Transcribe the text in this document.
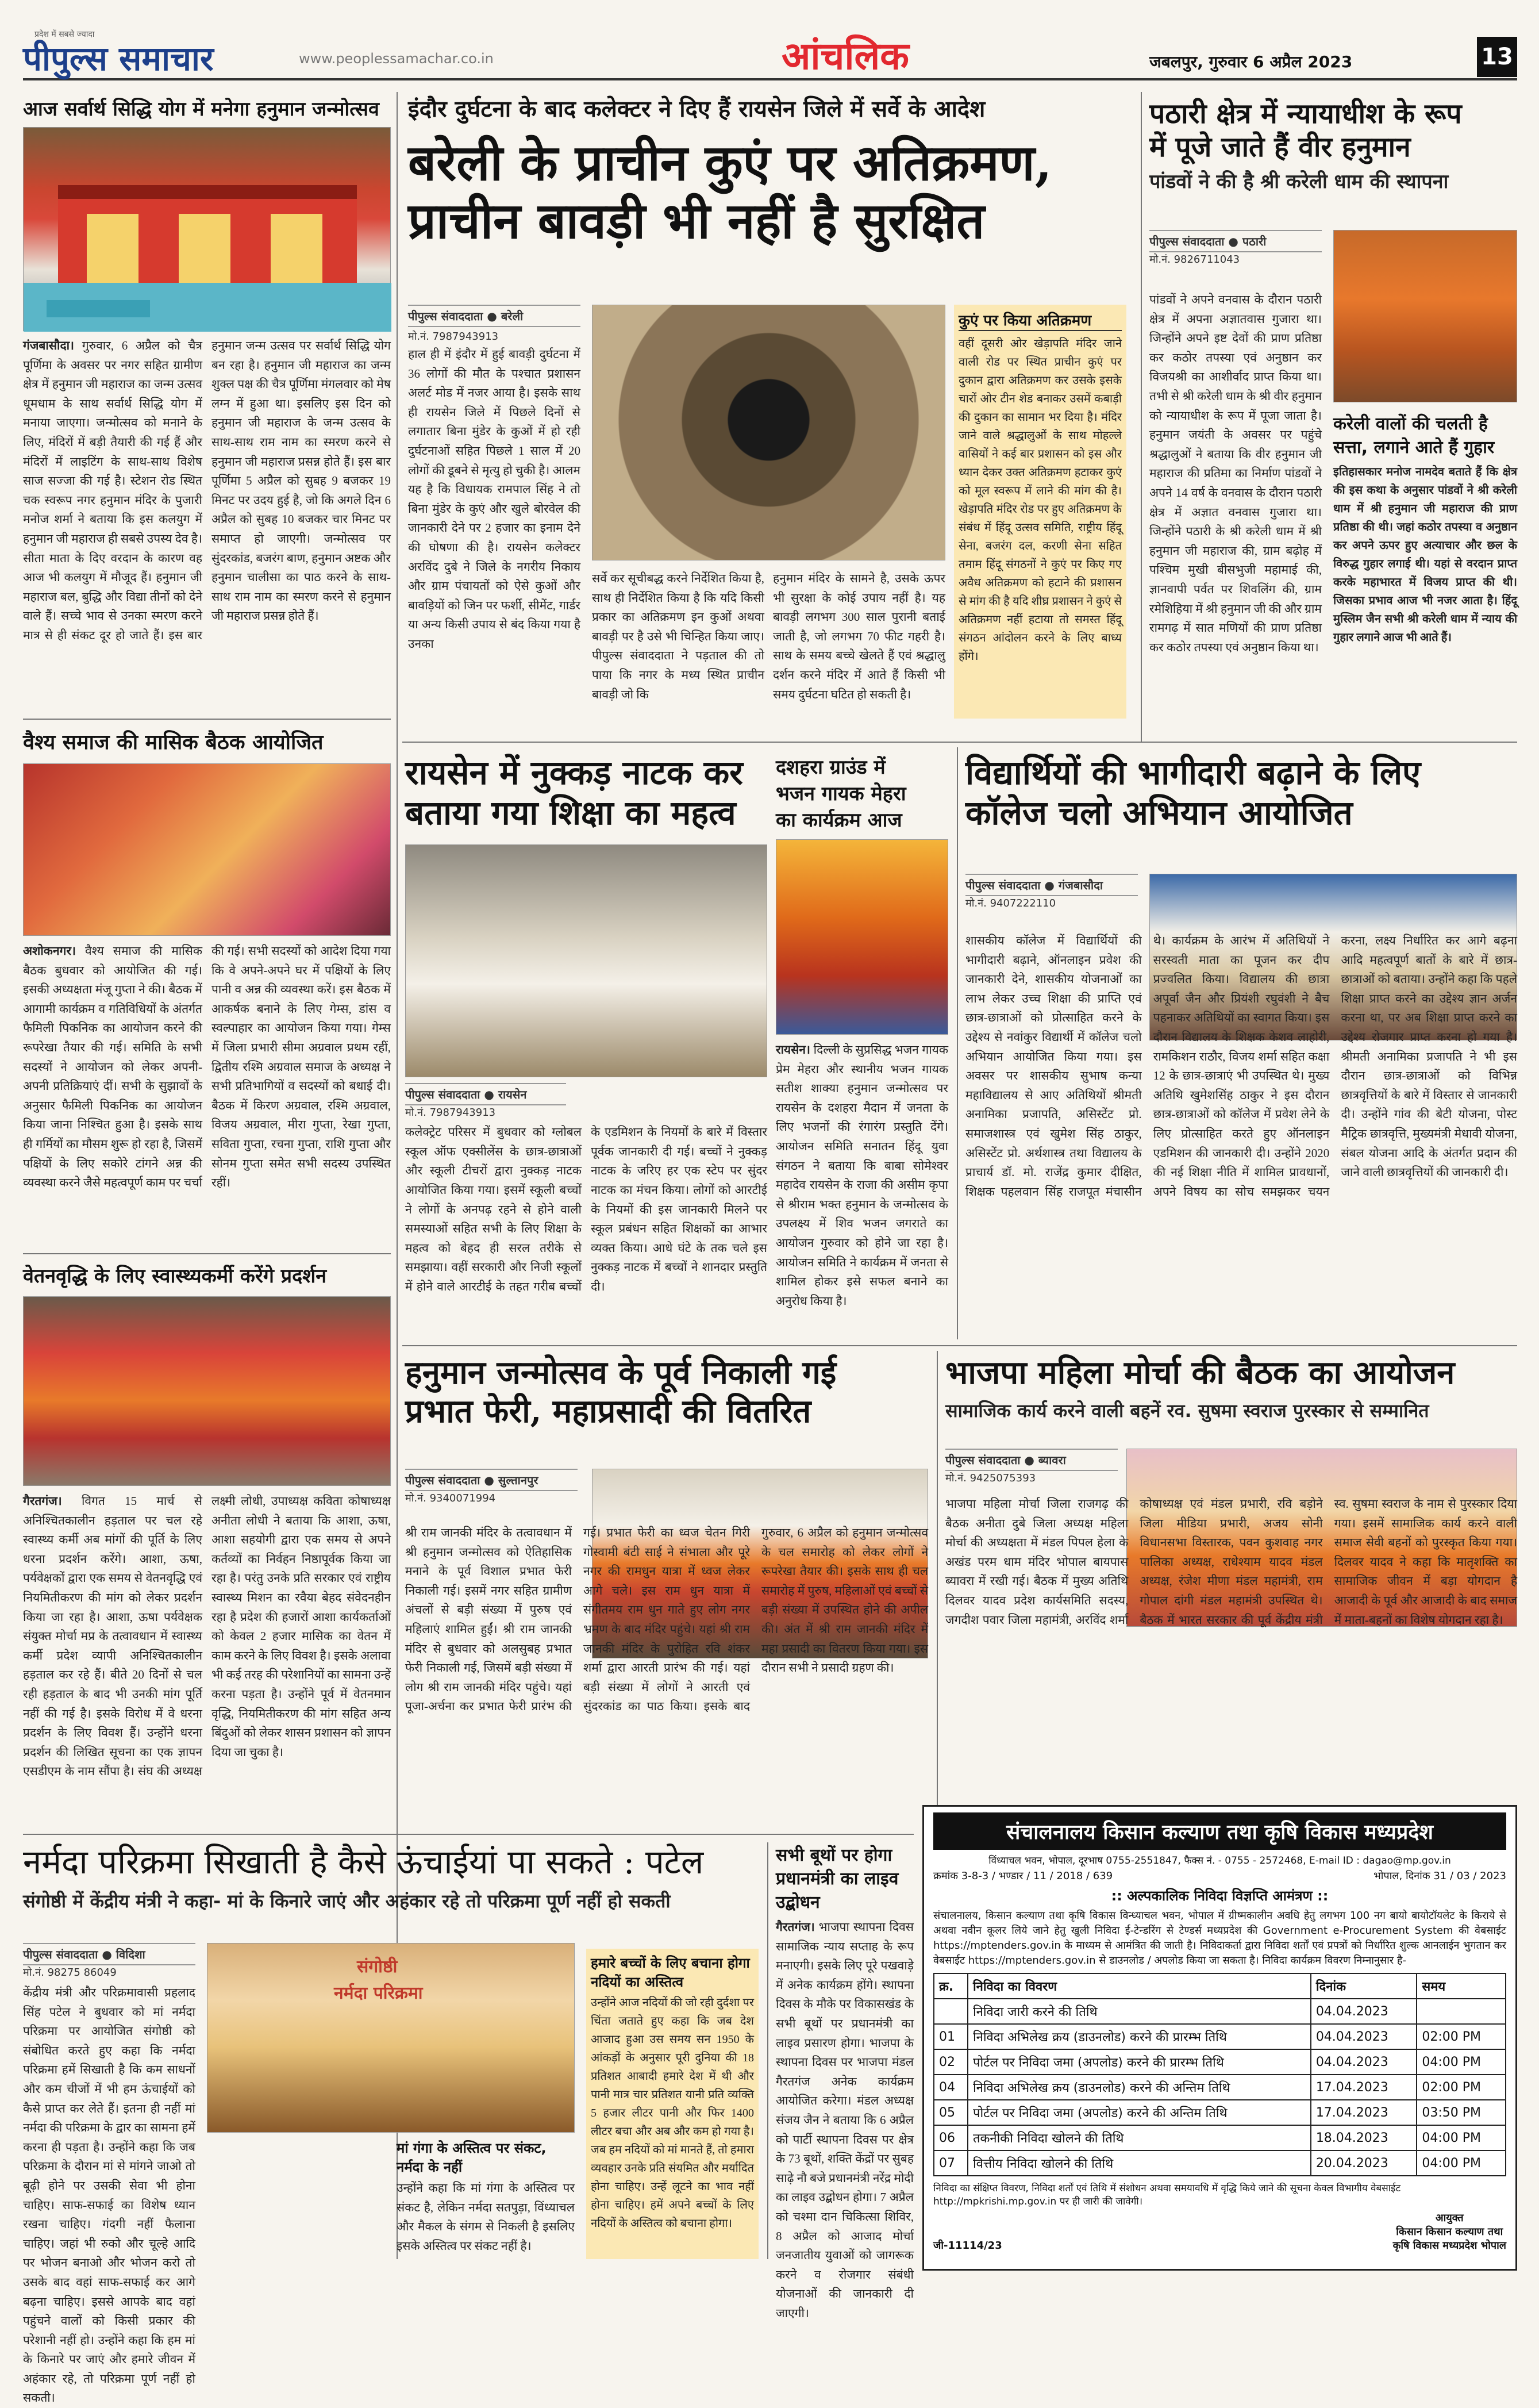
प्रदेश में सबसे ज्यादा
पीपुल्स समाचार	www.peoplessamachar.co.in	आंचलिक	जबलपुर, गुरुवार 6 अप्रैल 2023	13
आज सर्वार्थ सिद्धि योग में मनेगा हनुमान जन्मोत्सव
गंजबासौदा। गुरुवार, 6 अप्रैल को चैत्र पूर्णिमा के अवसर पर नगर सहित ग्रामीण क्षेत्र में हनुमान जी महाराज का जन्म उत्सव धूमधाम के साथ सर्वार्थ सिद्धि योग में मनाया जाएगा। जन्मोत्सव को मनाने के लिए, मंदिरों में बड़ी तैयारी की गई हैं और मंदिरों में लाइटिंग के साथ-साथ विशेष साज सज्जा की गई है। स्टेशन रोड स्थित चक स्वरूप नगर हनुमान मंदिर के पुजारी मनोज शर्मा ने बताया कि इस कलयुग में हनुमान जी महाराज ही सबसे उपस्य देव है। सीता माता के दिए वरदान के कारण वह आज भी कलयुग में मौजूद हैं। हनुमान जी महाराज बल, बुद्धि और विद्या तीनों को देने वाले हैं। सच्चे भाव से उनका स्मरण करने मात्र से ही संकट दूर हो जाते हैं। इस बार हनुमान जन्म उत्सव पर सर्वार्थ सिद्धि योग बन रहा है। हनुमान जी महाराज का जन्म शुक्ल पक्ष की चैत्र पूर्णिमा मंगलवार को मेष लग्न में हुआ था। इसलिए इस दिन को हनुमान जी महाराज के जन्म उत्सव के साथ-साथ राम नाम का स्मरण करने से हनुमान जी महाराज प्रसन्न होते हैं। इस बार पूर्णिमा 5 अप्रैल को सुबह 9 बजकर 19 मिनट पर उदय हुई है, जो कि अगले दिन 6 अप्रैल को सुबह 10 बजकर चार मिनट पर समाप्त हो जाएगी। जन्मोत्सव पर सुंदरकांड, बजरंग बाण, हनुमान अष्टक और हनुमान चालीसा का पाठ करने के साथ-साथ राम नाम का स्मरण करने से हनुमान जी महाराज प्रसन्न होते हैं।
इंदौर दुर्घटना के बाद कलेक्टर ने दिए हैं रायसेन जिले में सर्वे के आदेश
बरेली के प्राचीन कुएं पर अतिक्रमण,
प्राचीन बावड़ी भी नहीं है सुरक्षित
पीपुल्स संवाददाता ● बरेली
मो.नं. 7987943913
हाल ही में इंदौर में हुई बावड़ी दुर्घटना में 36 लोगों की मौत के पश्चात प्रशासन अलर्ट मोड में नजर आया है। इसके साथ ही रायसेन जिले में पिछले दिनों से लगातार बिना मुंडेर के कुओं में हो रही दुर्घटनाओं सहित पिछले 1 साल में 20 लोगों की डूबने से मृत्यु हो चुकी है। आलम यह है कि विधायक रामपाल सिंह ने तो बिना मुंडेर के कुएं और खुले बोरवेल की जानकारी देने पर 2 हजार का इनाम देने की घोषणा की है। रायसेन कलेक्टर अरविंद दुबे ने जिले के नगरीय निकाय और ग्राम पंचायतों को ऐसे कुओं और बावड़ियों को जिन पर फर्शी, सीमेंट, गार्डर या अन्य किसी उपाय से बंद किया गया है उनका
सर्वे कर सूचीबद्ध करने निर्देशित किया है, साथ ही निर्देशित किया है कि यदि किसी प्रकार का अतिक्रमण इन कुओं अथवा बावड़ी पर है उसे भी चिन्हित किया जाए। पीपुल्स संवाददाता ने पड़ताल की तो पाया कि नगर के मध्य स्थित प्राचीन बावड़ी जो कि
हनुमान मंदिर के सामने है, उसके ऊपर भी सुरक्षा के कोई उपाय नहीं है। यह बावड़ी लगभग 300 साल पुरानी बताई जाती है, जो लगभग 70 फीट गहरी है। साथ के समय बच्चे खेलते हैं एवं श्रद्धालु दर्शन करने मंदिर में आते हैं किसी भी समय दुर्घटना घटित हो सकती है।
कुएं पर किया अतिक्रमण
वहीं दूसरी ओर खेड़ापति मंदिर जाने वाली रोड पर स्थित प्राचीन कुएं पर दुकान द्वारा अतिक्रमण कर उसके इसके चारों ओर टीन शेड बनाकर उसमें कबाड़ी की दुकान का सामान भर दिया है। मंदिर जाने वाले श्रद्धालुओं के साथ मोहल्ले वासियों ने कई बार प्रशासन को इस और ध्यान देकर उक्त अतिक्रमण हटाकर कुएं को मूल स्वरूप में लाने की मांग की है। खेड़ापति मंदिर रोड पर हुए अतिक्रमण के संबंध में हिंदू उत्सव समिति, राष्ट्रीय हिंदू सेना, बजरंग दल, करणी सेना सहित तमाम हिंदू संगठनों ने कुएं पर किए गए अवैध अतिक्रमण को हटाने की प्रशासन से मांग की है यदि शीघ्र प्रशासन ने कुएं से अतिक्रमण नहीं हटाया तो समस्त हिंदू संगठन आंदोलन करने के लिए बाध्य होंगे।
पठारी क्षेत्र में न्यायाधीश के रूप
में पूजे जाते हैं वीर हनुमान
पांडवों ने की है श्री करेली धाम की स्थापना
पीपुल्स संवाददाता ● पठारी
मो.नं. 9826711043
पांडवों ने अपने वनवास के दौरान पठारी क्षेत्र में अपना अज्ञातवास गुजारा था। जिन्होंने अपने इष्ट देवों की प्राण प्रतिष्ठा कर कठोर तपस्या एवं अनुष्ठान कर विजयश्री का आशीर्वाद प्राप्त किया था। तभी से श्री करेली धाम के श्री वीर हनुमान को न्यायाधीश के रूप में पूजा जाता है। हनुमान जयंती के अवसर पर पहुंचे श्रद्धालुओं ने बताया कि वीर हनुमान जी महाराज की प्रतिमा का निर्माण पांडवों ने अपने 14 वर्ष के वनवास के दौरान पठारी क्षेत्र में अज्ञात वनवास गुजारा था। जिन्होंने पठारी के श्री करेली धाम में श्री हनुमान जी महाराज की, ग्राम बढ़ोह में पश्चिम मुखी बीसभुजी महामाई की, ज्ञानवापी पर्वत पर शिवलिंग की, ग्राम रमेशिहिया में श्री हनुमान जी की और ग्राम रामगढ़ में सात मणियों की प्राण प्रतिष्ठा कर कठोर तपस्या एवं अनुष्ठान किया था।
करेली वालों की चलती है सत्ता, लगाने आते हैं गुहार
इतिहासकार मनोज नामदेव बताते हैं कि क्षेत्र की इस कथा के अनुसार पांडवों ने श्री करेली धाम में श्री हनुमान जी महाराज की प्राण प्रतिष्ठा की थी। जहां कठोर तपस्या व अनुष्ठान कर अपने ऊपर हुए अत्याचार और छल के विरुद्ध गुहार लगाई थी। यहां से वरदान प्राप्त करके महाभारत में विजय प्राप्त की थी। जिसका प्रभाव आज भी नजर आता है। हिंदू मुस्लिम जैन सभी श्री करेली धाम में न्याय की गुहार लगाने आज भी आते हैं।
वैश्य समाज की मासिक बैठक आयोजित
अशोकनगर। वैश्य समाज की मासिक बैठक बुधवार को आयोजित की गई। इसकी अध्यक्षता मंजू गुप्ता ने की। बैठक में आगामी कार्यक्रम व गतिविधियों के अंतर्गत फैमिली पिकनिक का आयोजन करने की रूपरेखा तैयार की गई। समिति के सभी सदस्यों ने आयोजन को लेकर अपनी-अपनी प्रतिक्रियाएं दीं। सभी के सुझावों के अनुसार फैमिली पिकनिक का आयोजन किया जाना निश्चित हुआ है। इसके साथ ही गर्मियों का मौसम शुरू हो रहा है, जिसमें पक्षियों के लिए सकोरे टांगने अन्न की व्यवस्था करने जैसे महत्वपूर्ण काम पर चर्चा की गई। सभी सदस्यों को आदेश दिया गया कि वे अपने-अपने घर में पक्षियों के लिए पानी व अन्न की व्यवस्था करें। इस बैठक में आकर्षक बनाने के लिए गेम्स, डांस व स्वल्पाहार का आयोजन किया गया। गेम्स में जिला प्रभारी सीमा अग्रवाल प्रथम रहीं, द्वितीय रश्मि अग्रवाल समाज के अध्यक्ष ने सभी प्रतिभागियों व सदस्यों को बधाई दी। बैठक में किरण अग्रवाल, रश्मि अग्रवाल, विजय अग्रवाल, मीरा गुप्ता, रेखा गुप्ता, सविता गुप्ता, रचना गुप्ता, राशि गुप्ता और सोनम गुप्ता समेत सभी सदस्य उपस्थित रहीं।
रायसेन में नुक्कड़ नाटक कर
बताया गया शिक्षा का महत्व
पीपुल्स संवाददाता ● रायसेन
मो.नं. 7987943913
कलेक्ट्रेट परिसर में बुधवार को ग्लोबल स्कूल ऑफ एक्सीलेंस के छात्र-छात्राओं और स्कूली टीचरों द्वारा नुक्कड़ नाटक आयोजित किया गया। इसमें स्कूली बच्चों ने लोगों के अनपढ़ रहने से होने वाली समस्याओं सहित सभी के लिए शिक्षा के महत्व को बेहद ही सरल तरीके से समझाया। वहीं सरकारी और निजी स्कूलों में होने वाले आरटीई के तहत गरीब बच्चों के एडमिशन के नियमों के बारे में विस्तार पूर्वक जानकारी दी गई। बच्चों ने नुक्कड़ नाटक के जरिए हर एक स्टेप पर सुंदर नाटक का मंचन किया। लोगों को आरटीई के नियमों की इस जानकारी मिलने पर स्कूल प्रबंधन सहित शिक्षकों का आभार व्यक्त किया। आधे घंटे के तक चले इस नुक्कड़ नाटक में बच्चों ने शानदार प्रस्तुति दी।
दशहरा ग्राउंड में
भजन गायक मेहरा
का कार्यक्रम आज
रायसेन। दिल्ली के सुप्रसिद्ध भजन गायक प्रेम मेहरा और स्थानीय भजन गायक सतीश शाक्या हनुमान जन्मोत्सव पर रायसेन के दशहरा मैदान में जनता के लिए भजनों की रंगारंग प्रस्तुति देंगे। आयोजन समिति सनातन हिंदू युवा संगठन ने बताया कि बाबा सोमेश्वर महादेव रायसेन के राजा की असीम कृपा से श्रीराम भक्त हनुमान के जन्मोत्सव के उपलक्ष्य में शिव भजन जगराते का आयोजन गुरुवार को होने जा रहा है। आयोजन समिति ने कार्यक्रम में जनता से शामिल होकर इसे सफल बनाने का अनुरोध किया है।
विद्यार्थियों की भागीदारी बढ़ाने के लिए
कॉलेज चलो अभियान आयोजित
पीपुल्स संवाददाता ● गंजबासौदा
मो.नं. 9407222110
शासकीय कॉलेज में विद्यार्थियों की भागीदारी बढ़ाने, ऑनलाइन प्रवेश की जानकारी देने, शासकीय योजनाओं का लाभ लेकर उच्च शिक्षा की प्राप्ति एवं छात्र-छात्राओं को प्रोत्साहित करने के उद्देश्य से नवांकुर विद्यार्थी में कॉलेज चलो अभियान आयोजित किया गया। इस अवसर पर शासकीय सुभाष कन्या महाविद्यालय से आए अतिथियों श्रीमती अनामिका प्रजापति, असिस्टेंट प्रो. समाजशास्त्र एवं खुमेश सिंह ठाकुर, असिस्टेंट प्रो. अर्थशास्त्र तथा विद्यालय के प्राचार्य डॉ. मो. राजेंद्र कुमार दीक्षित, शिक्षक पहलवान सिंह राजपूत मंचासीन थे। कार्यक्रम के आरंभ में अतिथियों ने सरस्वती माता का पूजन कर दीप प्रज्वलित किया। विद्यालय की छात्रा अपूर्वा जैन और प्रियंशी रघुवंशी ने बैच पहनाकर अतिथियों का स्वागत किया। इस दौरान विद्यालय के शिक्षक केशव लाहोरी, रामकिशन राठौर, विजय शर्मा सहित कक्षा 12 के छात्र-छात्राएं भी उपस्थित थे। मुख्य अतिथि खुमेशसिंह ठाकुर ने इस दौरान छात्र-छात्राओं को कॉलेज में प्रवेश लेने के लिए प्रोत्साहित करते हुए ऑनलाइन एडमिशन की जानकारी दी। उन्होंने 2020 की नई शिक्षा नीति में शामिल प्रावधानों, अपने विषय का सोच समझकर चयन करना, लक्ष्य निर्धारित कर आगे बढ़ना आदि महत्वपूर्ण बातों के बारे में छात्र-छात्राओं को बताया। उन्होंने कहा कि पहले शिक्षा प्राप्त करने का उद्देश्य ज्ञान अर्जन करना था, पर अब शिक्षा प्राप्त करने का उद्देश्य रोजगार प्राप्त करना हो गया है। श्रीमती अनामिका प्रजापति ने भी इस दौरान छात्र-छात्राओं को विभिन्न छात्रवृत्तियों के बारे में विस्तार से जानकारी दी। उन्होंने गांव की बेटी योजना, पोस्ट मैट्रिक छात्रवृत्ति, मुख्यमंत्री मेधावी योजना, संबल योजना आदि के अंतर्गत प्रदान की जाने वाली छात्रवृत्तियों की जानकारी दी।
वेतनवृद्धि के लिए स्वास्थ्यकर्मी करेंगे प्रदर्शन
गैरतगंज। विगत 15 मार्च से अनिश्चितकालीन हड़ताल पर चल रहे स्वास्थ्य कर्मी अब मांगों की पूर्ति के लिए धरना प्रदर्शन करेंगे। आशा, ऊषा, पर्यवेक्षकों द्वारा एक समय से वेतनवृद्धि एवं नियमितीकरण की मांग को लेकर प्रदर्शन किया जा रहा है। आशा, ऊषा पर्यवेक्षक संयुक्त मोर्चा मप्र के तत्वावधान में स्वास्थ्य कर्मी प्रदेश व्यापी अनिश्चितकालीन हड़ताल कर रहे हैं। बीते 20 दिनों से चल रही हड़ताल के बाद भी उनकी मांग पूर्ति नहीं की गई है। इसके विरोध में वे धरना प्रदर्शन के लिए विवश हैं। उन्होंने धरना प्रदर्शन की लिखित सूचना का एक ज्ञापन एसडीएम के नाम सौंपा है। संघ की अध्यक्ष लक्ष्मी लोधी, उपाध्यक्ष कविता कोषाध्यक्ष अनीता लोधी ने बताया कि आशा, ऊषा, आशा सहयोगी द्वारा एक समय से अपने कर्तव्यों का निर्वहन निष्ठापूर्वक किया जा रहा है। परंतु उनके प्रति सरकार एवं राष्ट्रीय स्वास्थ्य मिशन का रवैया बेहद संवेदनहीन रहा है प्रदेश की हजारों आशा कार्यकर्ताओं को केवल 2 हजार मासिक का वेतन में काम करने के लिए विवश है। इसके अलावा भी कई तरह की परेशानियों का सामना उन्हें करना पड़ता है। उन्होंने पूर्व में वेतनमान वृद्धि, नियमितीकरण की मांग सहित अन्य बिंदुओं को लेकर शासन प्रशासन को ज्ञापन दिया जा चुका है।
हनुमान जन्मोत्सव के पूर्व निकाली गई
प्रभात फेरी, महाप्रसादी की वितरित
पीपुल्स संवाददाता ● सुल्तानपुर
मो.नं. 9340071994
श्री राम जानकी मंदिर के तत्वावधान में श्री हनुमान जन्मोत्सव को ऐतिहासिक मनाने के पूर्व विशाल प्रभात फेरी निकाली गई। इसमें नगर सहित ग्रामीण अंचलों से बड़ी संख्या में पुरुष एवं महिलाएं शामिल हुईं। श्री राम जानकी मंदिर से बुधवार को अलसुबह प्रभात फेरी निकाली गई, जिसमें बड़ी संख्या में लोग श्री राम जानकी मंदिर पहुंचे। यहां पूजा-अर्चना कर प्रभात फेरी प्रारंभ की गई। प्रभात फेरी का ध्वज चेतन गिरी गोस्वामी बंटी साई ने संभाला और पूरे नगर की रामधुन यात्रा में ध्वज लेकर आगे चले। इस राम धुन यात्रा में संगीतमय राम धुन गाते हुए लोग नगर भ्रमण के बाद मंदिर पहुंचे। यहां श्री राम जानकी मंदिर के पुरोहित रवि शंकर शर्मा द्वारा आरती प्रारंभ की गई। यहां बड़ी संख्या में लोगों ने आरती एवं सुंदरकांड का पाठ किया। इसके बाद गुरुवार, 6 अप्रैल को हनुमान जन्मोत्सव के चल समारोह को लेकर लोगों ने रूपरेखा तैयार की। इसके साथ ही चल समारोह में पुरुष, महिलाओं एवं बच्चों से बड़ी संख्या में उपस्थित होने की अपील की। अंत में श्री राम जानकी मंदिर में महा प्रसादी का वितरण किया गया। इस दौरान सभी ने प्रसादी ग्रहण की।
भाजपा महिला मोर्चा की बैठक का आयोजन
सामाजिक कार्य करने वाली बहनें रव. सुषमा स्वराज पुरस्कार से सम्मानित
पीपुल्स संवाददाता ● ब्यावरा
मो.नं. 9425075393
भाजपा महिला मोर्चा जिला राजगढ़ की बैठक अनीता दुबे जिला अध्यक्ष महिला मोर्चा की अध्यक्षता में मंडल पिपल हेला के अखंड परम धाम मंदिर भोपाल बायपास ब्यावरा में रखी गई। बैठक में मुख्य अतिथि दिलवर यादव प्रदेश कार्यसमिति सदस्य, जगदीश पवार जिला महामंत्री, अरविंद शर्मा कोषाध्यक्ष एवं मंडल प्रभारी, रवि बड़ोने जिला मीडिया प्रभारी, अजय सोनी विधानसभा विस्तारक, पवन कुशवाह नगर पालिका अध्यक्ष, राधेश्याम यादव मंडल अध्यक्ष, रंजेश मीणा मंडल महामंत्री, राम गोपाल दांगी मंडल महामंत्री उपस्थित थे। बैठक में भारत सरकार की पूर्व केंद्रीय मंत्री स्व. सुषमा स्वराज के नाम से पुरस्कार दिया गया। इसमें सामाजिक कार्य करने वाली समाज सेवी बहनों को पुरस्कृत किया गया। दिलवर यादव ने कहा कि मातृशक्ति का सामाजिक जीवन में बड़ा योगदान है आजादी के पूर्व और आजादी के बाद समाज में माता-बहनों का विशेष योगदान रहा है।
संचालनालय किसान कल्याण तथा कृषि विकास मध्यप्रदेश
विंध्याचल भवन, भोपाल, दूरभाष 0755-2551847, फैक्स नं. - 0755 - 2572468, E-mail ID : dagao@mp.gov.in
क्रमांक 3-8-3 / भण्डार / 11 / 2018 / 639	भोपाल, दिनांक 31 / 03 / 2023
:: अल्पकालिक निविदा विज्ञप्ति आमंत्रण ::
संचालनालय, किसान कल्याण तथा कृषि विकास विन्ध्याचल भवन, भोपाल में ग्रीष्मकालीन अवधि हेतु लगभग 100 नग बायो बायोटॉयलेट के किराये से अथवा नवीन कूलर लिये जाने हेतु खुली निविदा ई-टेन्डरिंग से टेण्डर्स मध्यप्रदेश की Government e-Procurement System की वेबसाईट https://mptenders.gov.in के माध्यम से आमंत्रित की जाती है। निविदाकर्ता द्वारा निविदा शर्तों एवं प्रपत्रों को निर्धारित शुल्क आनलाईन भुगतान कर वेबसाईट https://mptenders.gov.in से डाउनलोड / अपलोड किया जा सकता है। निविदा कार्यक्रम विवरण निम्नानुसार है-
क्र.	निविदा का विवरण	दिनांक	समय
	निविदा जारी करने की तिथि	04.04.2023	
01	निविदा अभिलेख क्रय (डाउनलोड) करने की प्रारम्भ तिथि	04.04.2023	02:00 PM
02	पोर्टल पर निविदा जमा (अपलोड) करने की प्रारम्भ तिथि	04.04.2023	04:00 PM
04	निविदा अभिलेख क्रय (डाउनलोड) करने की अन्तिम तिथि	17.04.2023	02:00 PM
05	पोर्टल पर निविदा जमा (अपलोड) करने की अन्तिम तिथि	17.04.2023	03:50 PM
06	तकनीकी निविदा खोलने की तिथि	18.04.2023	04:00 PM
07	वित्तीय निविदा खोलने की तिथि	20.04.2023	04:00 PM
निविदा का संक्षिप्त विवरण, निविदा शर्तों एवं तिथि में संशोधन अथवा समयावधि में वृद्धि किये जाने की सूचना केवल विभागीय वेबसाईट http://mpkrishi.mp.gov.in पर ही जारी की जावेगी।
जी-11114/23
आयुक्त
किसान किसान कल्याण तथा
कृषि विकास मध्यप्रदेश भोपाल
नर्मदा परिक्रमा सिखाती है कैसे ऊंचाईयां पा सकते : पटेल
संगोष्ठी में केंद्रीय मंत्री ने कहा- मां के किनारे जाएं और अहंकार रहे तो परिक्रमा पूर्ण नहीं हो सकती
पीपुल्स संवाददाता ● विदिशा
मो.नं. 98275 86049
केंद्रीय मंत्री और परिक्रमावासी प्रहलाद सिंह पटेल ने बुधवार को मां नर्मदा परिक्रमा पर आयोजित संगोष्ठी को संबोधित करते हुए कहा कि नर्मदा परिक्रमा हमें सिखाती है कि कम साधनों और कम चीजों में भी हम ऊंचाईयों को कैसे प्राप्त कर लेते हैं। इतना ही नहीं मां नर्मदा की परिक्रमा के द्वार का सामना हमें करना ही पड़ता है। उन्होंने कहा कि जब परिक्रमा के दौरान मां से मांगने जाओ तो बूढ़ी होने पर उसकी सेवा भी होना चाहिए। साफ-सफाई का विशेष ध्यान रखना चाहिए। गंदगी नहीं फैलाना चाहिए। जहां भी रुको और चूल्हे आदि पर भोजन बनाओ और भोजन करो तो उसके बाद वहां साफ-सफाई कर आगे बढ़ना चाहिए। इससे आपके बाद वहां पहुंचने वालों को किसी प्रकार की परेशानी नहीं हो। उन्होंने कहा कि हम मां के किनारे पर जाएं और हमारे जीवन में अहंकार रहे, तो परिक्रमा पूर्ण नहीं हो सकती।
संगोष्ठी
नर्मदा परिक्रमा
मां गंगा के अस्तित्व पर संकट, नर्मदा के नहीं
उन्होंने कहा कि मां गंगा के अस्तित्व पर संकट है, लेकिन नर्मदा सतपुड़ा, विंध्याचल और मैकल के संगम से निकली है इसलिए इसके अस्तित्व पर संकट नहीं है।
हमारे बच्चों के लिए बचाना होगा नदियों का अस्तित्व
उन्होंने आज नदियों की जो रही दुर्दशा पर चिंता जताते हुए कहा कि जब देश आजाद हुआ उस समय सन 1950 के आंकड़ों के अनुसार पूरी दुनिया की 18 प्रतिशत आबादी हमारे देश में थी और पानी मात्र चार प्रतिशत यानी प्रति व्यक्ति 5 हजार लीटर पानी और फिर 1400 लीटर बचा और अब और कम हो गया है। जब हम नदियों को मां मानते हैं, तो हमारा व्यवहार उनके प्रति संयमित और मर्यादित होना चाहिए। उन्हें लूटने का भाव नहीं होना चाहिए। हमें अपने बच्चों के लिए नदियों के अस्तित्व को बचाना होगा।
सभी बूथों पर होगा
प्रधानमंत्री का लाइव
उद्बोधन
गैरतगंज। भाजपा स्थापना दिवस सामाजिक न्याय सप्ताह के रूप मनाएगी। इसके लिए पूरे पखवाड़े में अनेक कार्यक्रम होंगे। स्थापना दिवस के मौके पर विकासखंड के सभी बूथों पर प्रधानमंत्री का लाइव प्रसारण होगा। भाजपा के स्थापना दिवस पर भाजपा मंडल गैरतगंज अनेक कार्यक्रम आयोजित करेगा। मंडल अध्यक्ष संजय जैन ने बताया कि 6 अप्रैल को पार्टी स्थापना दिवस पर क्षेत्र के 73 बूथों, शक्ति केंद्रों पर सुबह साढ़े नौ बजे प्रधानमंत्री नरेंद्र मोदी का लाइव उद्बोधन होगा। 7 अप्रैल को चश्मा दान चिकित्सा शिविर, 8 अप्रैल को आजाद मोर्चा जनजातीय युवाओं को जागरूक करने व रोजगार संबंधी योजनाओं की जानकारी दी जाएगी।
